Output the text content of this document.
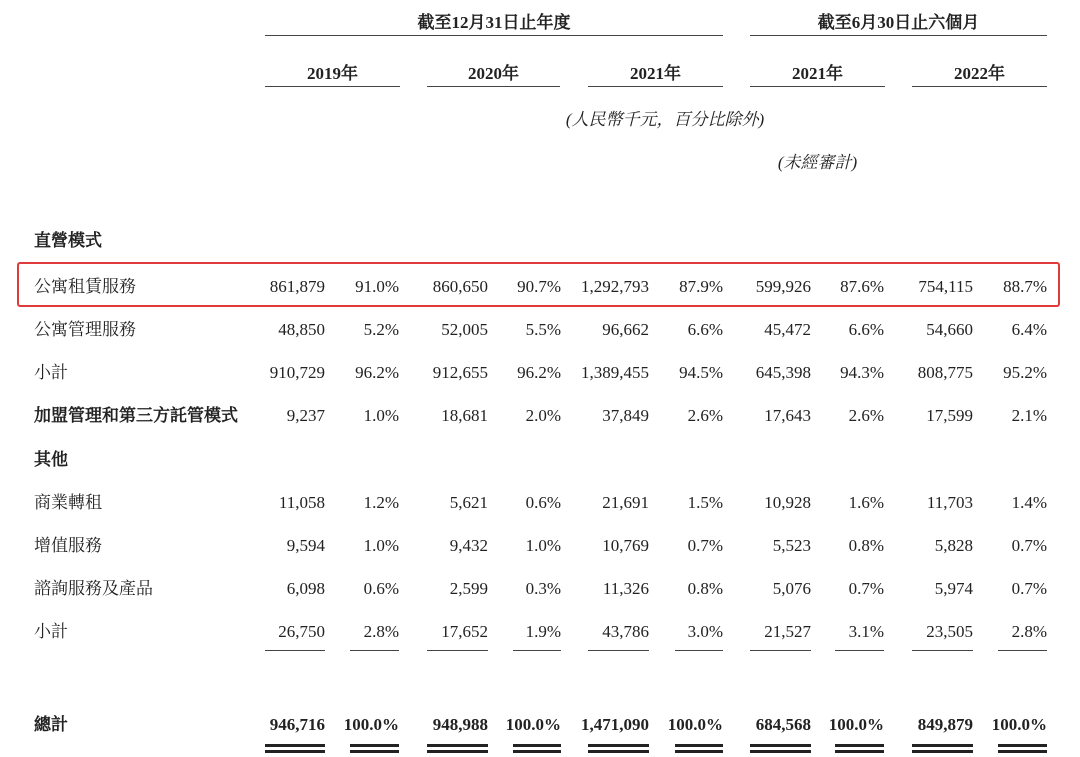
截至12月31日止年度	截至6月30日止六個月
2019年	2020年	2021年	2021年	2022年
(人民幣千元，百分比除外)
(未經審計)
直營模式
公寓租賃服務	861,879	91.0%	860,650	90.7%	1,292,793	87.9%	599,926	87.6%	754,115	88.7%
公寓管理服務	48,850	5.2%	52,005	5.5%	96,662	6.6%	45,472	6.6%	54,660	6.4%
小計	910,729	96.2%	912,655	96.2%	1,389,455	94.5%	645,398	94.3%	808,775	95.2%
加盟管理和第三方託管模式	9,237	1.0%	18,681	2.0%	37,849	2.6%	17,643	2.6%	17,599	2.1%
其他
商業轉租	11,058	1.2%	5,621	0.6%	21,691	1.5%	10,928	1.6%	11,703	1.4%
增值服務	9,594	1.0%	9,432	1.0%	10,769	0.7%	5,523	0.8%	5,828	0.7%
諮詢服務及產品	6,098	0.6%	2,599	0.3%	11,326	0.8%	5,076	0.7%	5,974	0.7%
小計	26,750	2.8%	17,652	1.9%	43,786	3.0%	21,527	3.1%	23,505	2.8%
總計	946,716	100.0%	948,988	100.0% 1,471,090	100.0%	684,568	100.0%	849,879	100.0%
